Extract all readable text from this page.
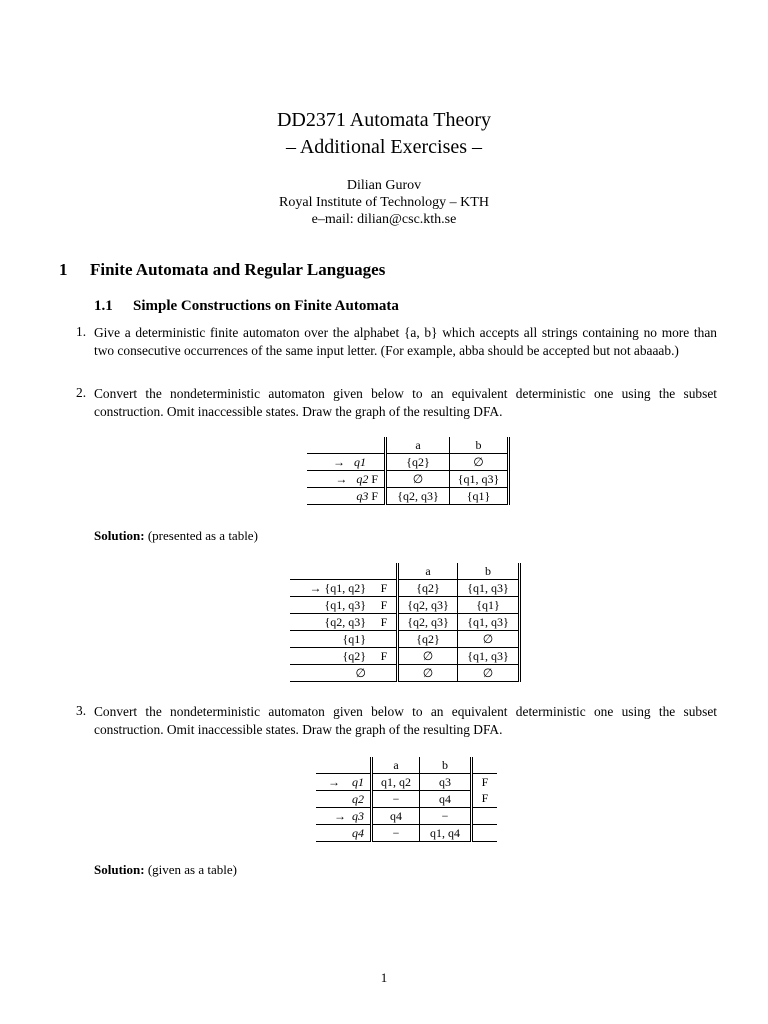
DD2371 Automata Theory
– Additional Exercises –
Dilian Gurov
Royal Institute of Technology – KTH
e–mail: dilian@csc.kth.se
1 Finite Automata and Regular Languages
1.1 Simple Constructions on Finite Automata
1. Give a deterministic finite automaton over the alphabet {a, b} which accepts all strings containing no more than two consecutive occurrences of the same input letter. (For example, abba should be accepted but not abaaab.)

2. Convert the nondeterministic automaton given below to an equivalent deterministic one using the subset construction. Omit inaccessible states. Draw the graph of the resulting DFA.

	a	b
→ q1	{q2}	∅
→ q2 F	∅	{q1, q3}
q3 F	{q2, q3}	{q1}
Solution: (presented as a table)
		a	b
→ {q1, q2}	F	{q2}	{q1, q3}
{q1, q3}	F	{q2, q3}	{q1}
{q2, q3}	F	{q2, q3}	{q1, q3}
{q1}		{q2}	∅
{q2}	F	∅	{q1, q3}
∅		∅	∅
3. Convert the nondeterministic automaton given below to an equivalent deterministic one using the subset construction. Omit inaccessible states. Draw the graph of the resulting DFA.

	a	b	
→ q1	q1, q2	q3	F
q2	−	q4	F
→ q3	q4	−	
q4	−	q1, q4	
Solution: (given as a table)
1
